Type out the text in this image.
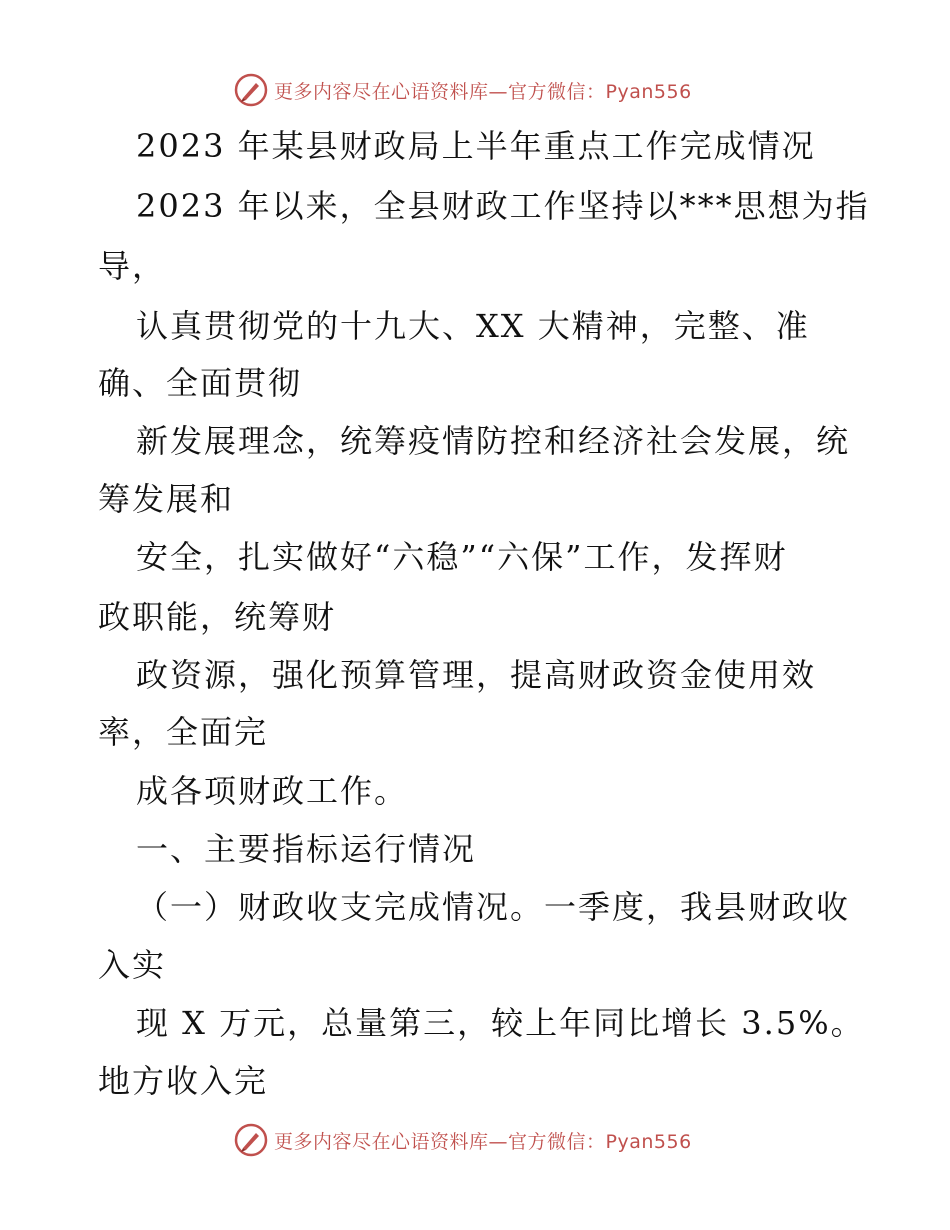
更多内容尽在心语资料库—官方微信：Pyan556

2023 年某县财政局上半年重点工作完成情况

2023 年以来，全县财政工作坚持以***思想为指

导，

认真贯彻党的十九大、XX 大精神，完整、准

确、全面贯彻

新发展理念，统筹疫情防控和经济社会发展，统

筹发展和

安全，扎实做好“六稳”“六保”工作，发挥财

政职能，统筹财

政资源，强化预算管理，提高财政资金使用效

率，全面完

成各项财政工作。

一、主要指标运行情况

（一）财政收支完成情况。一季度，我县财政收

入实

现 X 万元，总量第三，较上年同比增长 3.5%。

地方收入完

更多内容尽在心语资料库—官方微信：Pyan556
